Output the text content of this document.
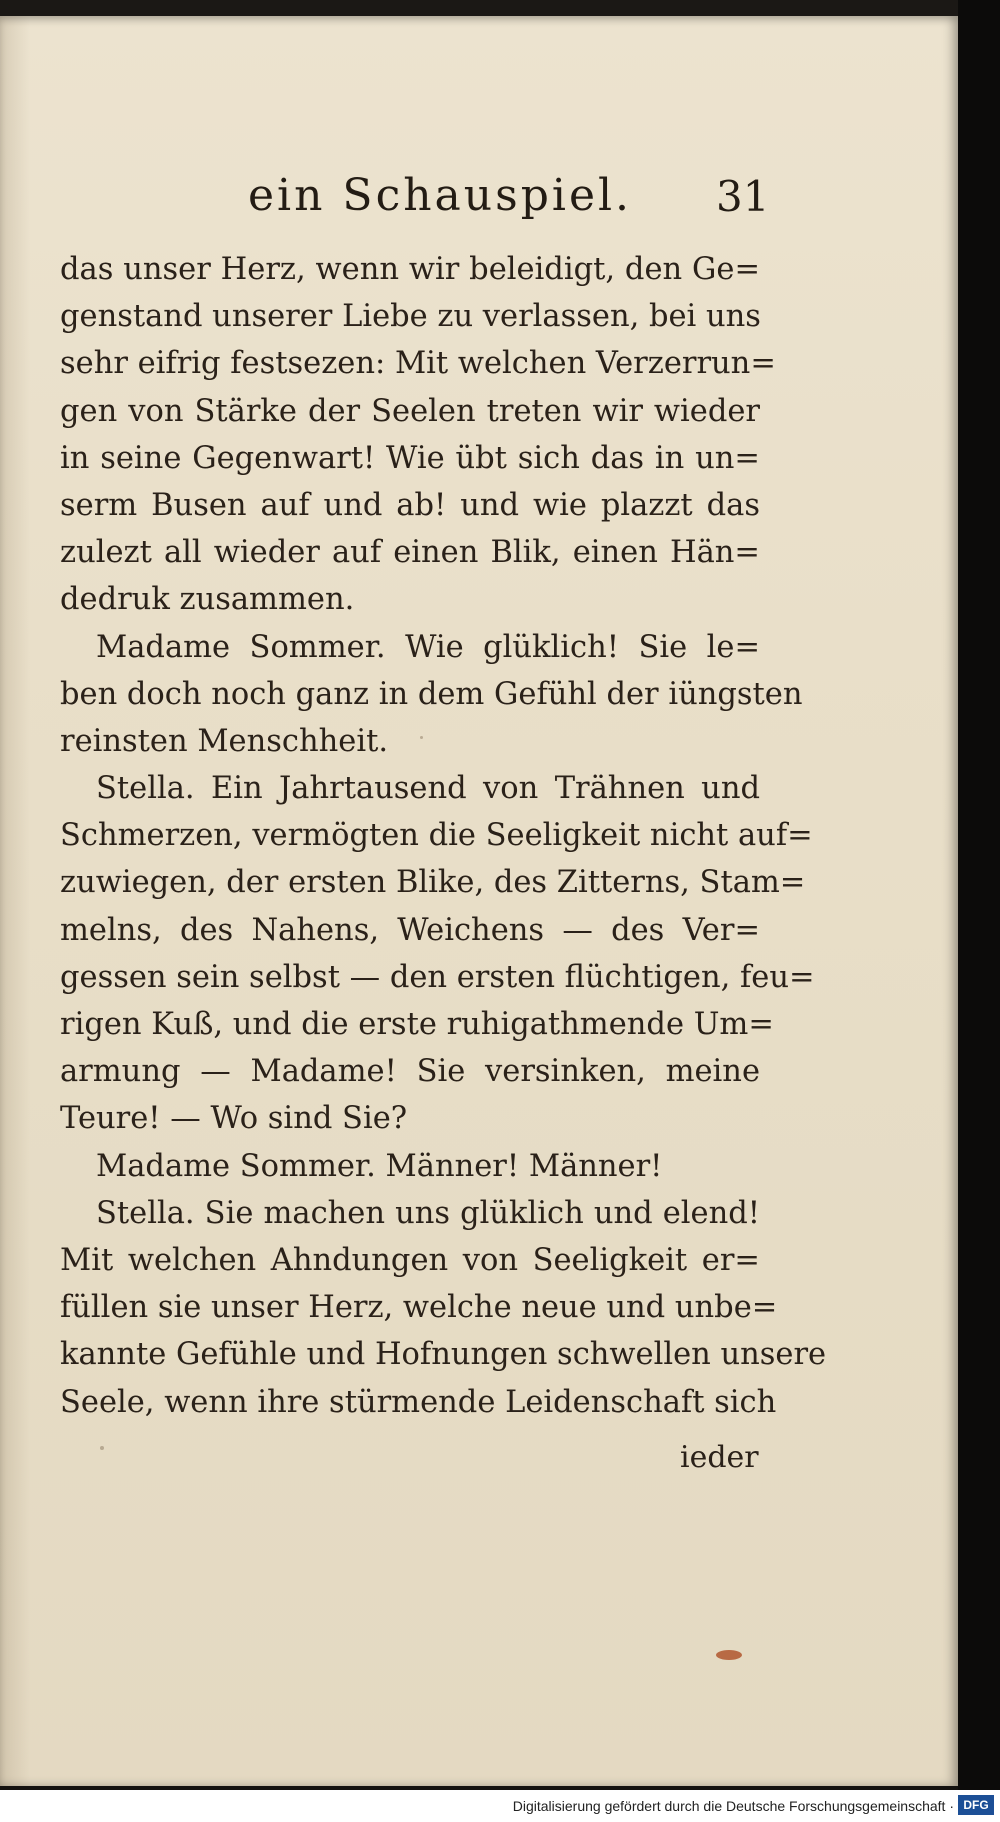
ein Schauspiel. 31
das unser Herz, wenn wir beleidigt, den Ge=
genstand unserer Liebe zu verlassen, bei uns
sehr eifrig festsezen: Mit welchen Verzerrun=
gen von Stärke der Seelen treten wir wieder
in seine Gegenwart! Wie übt sich das in un=
serm Busen auf und ab! und wie plazzt das
zulezt all wieder auf einen Blik, einen Hän=
dedruk zusammen.
Madame Sommer. Wie glüklich! Sie le=
ben doch noch ganz in dem Gefühl der iüngsten
reinsten Menschheit.
Stella. Ein Jahrtausend von Trähnen und
Schmerzen, vermögten die Seeligkeit nicht auf=
zuwiegen, der ersten Blike, des Zitterns, Stam=
melns, des Nahens, Weichens — des Ver=
gessen sein selbst — den ersten flüchtigen, feu=
rigen Kuß, und die erste ruhigathmende Um=
armung — Madame! Sie versinken, meine
Teure! — Wo sind Sie?
Madame Sommer. Männer! Männer!
Stella. Sie machen uns glüklich und elend!
Mit welchen Ahndungen von Seeligkeit er=
füllen sie unser Herz, welche neue und unbe=
kannte Gefühle und Hofnungen schwellen unsere
Seele, wenn ihre stürmende Leidenschaft sich
ieder
Digitalisierung gefördert durch die Deutsche Forschungsgemeinschaft · DFG
